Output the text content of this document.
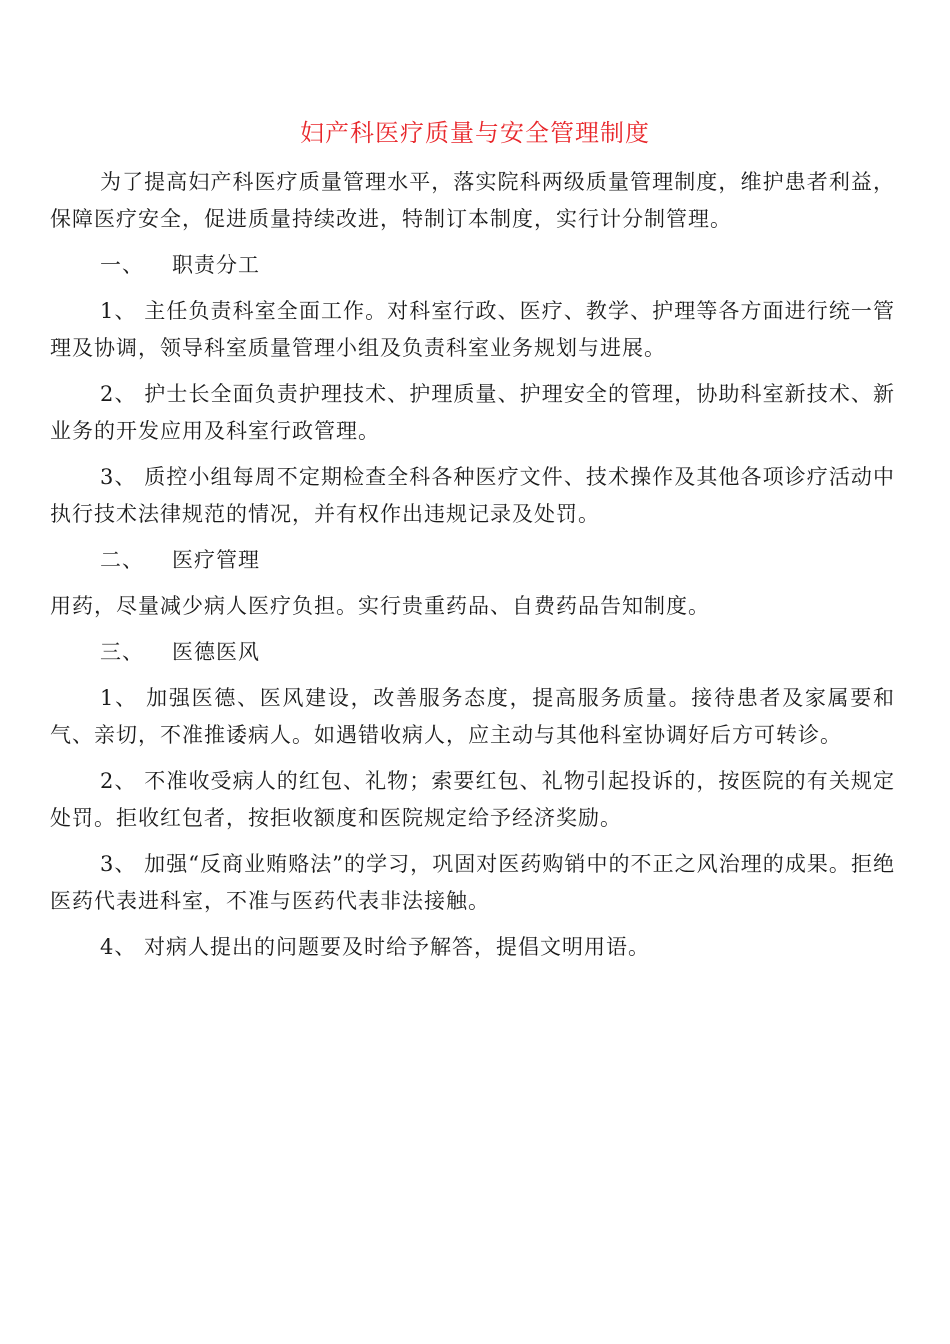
妇产科医疗质量与安全管理制度

为了提高妇产科医疗质量管理水平，落实院科两级质量管理制度，维护患者利益，保障医疗安全，促进质量持续改进，特制订本制度，实行计分制管理。

一、	职责分工

1、 主任负责科室全面工作。对科室行政、医疗、教学、护理等各方面进行统一管理及协调，领导科室质量管理小组及负责科室业务规划与进展。

2、 护士长全面负责护理技术、护理质量、护理安全的管理，协助科室新技术、新业务的开发应用及科室行政管理。

3、 质控小组每周不定期检查全科各种医疗文件、技术操作及其他各项诊疗活动中执行技术法律规范的情况，并有权作出违规记录及处罚。

二、	医疗管理

用药，尽量减少病人医疗负担。实行贵重药品、自费药品告知制度。

三、	医德医风

1、 加强医德、医风建设，改善服务态度，提高服务质量。接待患者及家属要和气、亲切，不准推诿病人。如遇错收病人，应主动与其他科室协调好后方可转诊。

2、 不准收受病人的红包、礼物；索要红包、礼物引起投诉的，按医院的有关规定处罚。拒收红包者，按拒收额度和医院规定给予经济奖励。

3、 加强“反商业贿赂法”的学习，巩固对医药购销中的不正之风治理的成果。拒绝医药代表进科室，不准与医药代表非法接触。

4、 对病人提出的问题要及时给予解答，提倡文明用语。
